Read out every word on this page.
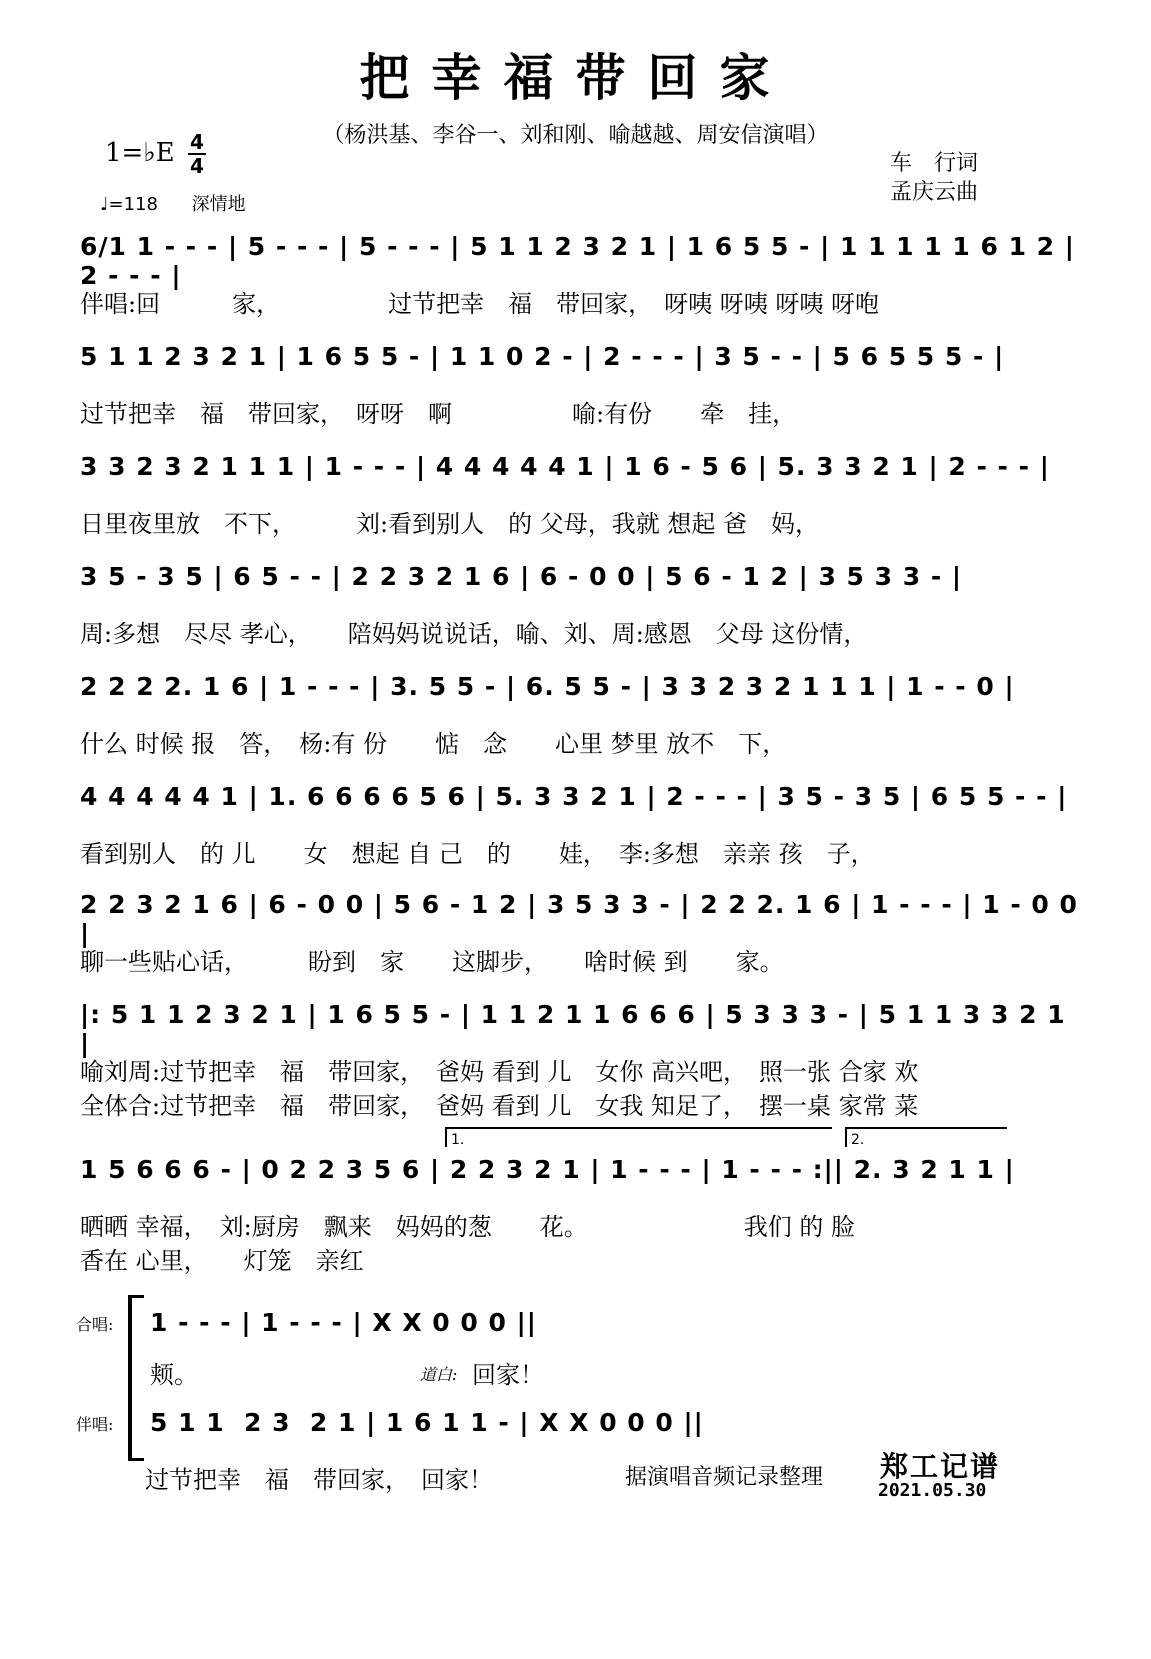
把幸福带回家
（杨洪基、李谷一、刘和刚、喻越越、周安信演唱）
1=♭E 4
4
♩=118 深情地
车　行词
孟庆云曲
6/1 1 - - - | 5 - - - | 5 - - - | 5 1 1 2 3 2 1 | 1 6 5 5 - | 1 1 1 1 1 6 1 2 | 2 - - - |
伴唱:回　　　家，　　　　　过节把幸　福　带回家，　呀咦 呀咦 呀咦 呀咆
5 1 1 2 3 2 1 | 1 6 5 5 - | 1 1 0 2 - | 2 - - - | 3 5 - - | 5 6 5 5 5 - |
过节把幸　福　带回家，　呀呀　啊　　　　　喻:有份　　牵　挂，
3 3 2 3 2 1 1 1 | 1 - - - | 4 4 4 4 4 1 | 1 6 - 5 6 | 5. 3 3 2 1 | 2 - - - |
日里夜里放　不下，　　　刘:看到别人　的 父母，我就 想起 爸　妈，
3 5 - 3 5 | 6 5 - - | 2 2 3 2 1 6 | 6 - 0 0 | 5 6 - 1 2 | 3 5 3 3 - |
周:多想　尽尽 孝心，　　陪妈妈说说话，喻、刘、周:感恩　父母 这份情，
2 2 2 2. 1 6 | 1 - - - | 3. 5 5 - | 6. 5 5 - | 3 3 2 3 2 1 1 1 | 1 - - 0 |
什么 时候 报　答，　杨:有 份　　惦　念　　心里 梦里 放不　下，
4 4 4 4 4 1 | 1. 6 6 6 6 5 6 | 5. 3 3 2 1 | 2 - - - | 3 5 - 3 5 | 6 5 5 - - |
看到别人　的 儿　　女　想起 自 己　的　　娃，　李:多想　亲亲 孩　子，
2 2 3 2 1 6 | 6 - 0 0 | 5 6 - 1 2 | 3 5 3 3 - | 2 2 2. 1 6 | 1 - - - | 1 - 0 0 |
聊一些贴心话，　　　盼到　家　　这脚步，　　啥时候 到　　家。
|: 5 1 1 2 3 2 1 | 1 6 5 5 - | 1 1 2 1 1 6 6 6 | 5 3 3 3 - | 5 1 1 3 3 2 1 |
喻刘周:过节把幸　福　带回家，　爸妈 看到 儿　女你 高兴吧，　照一张 合家 欢
全体合:过节把幸　福　带回家，　爸妈 看到 儿　女我 知足了，　摆一桌 家常 菜
1.	2.
1 5 6 6 6 - | 0 2 2 3 5 6 | 2 2 3 2 1 | 1 - - - | 1 - - - :|| 2. 3 2 1 1 |
晒晒 幸福，　刘:厨房　飘来　妈妈的葱　　花。　　　　　　　我们 的 脸
香在 心里，　　灯笼　亲红
合唱: 1 - - - | 1 - - - | X X 0 0 0 ||
颊。	道白: 回家！
伴唱: 5 1 1  2 3  2 1 | 1 6 1 1 - | X X 0 0 0 ||
过节把幸　福　带回家，　回家！	据演唱音频记录整理 郑工记谱
2021.05.30
